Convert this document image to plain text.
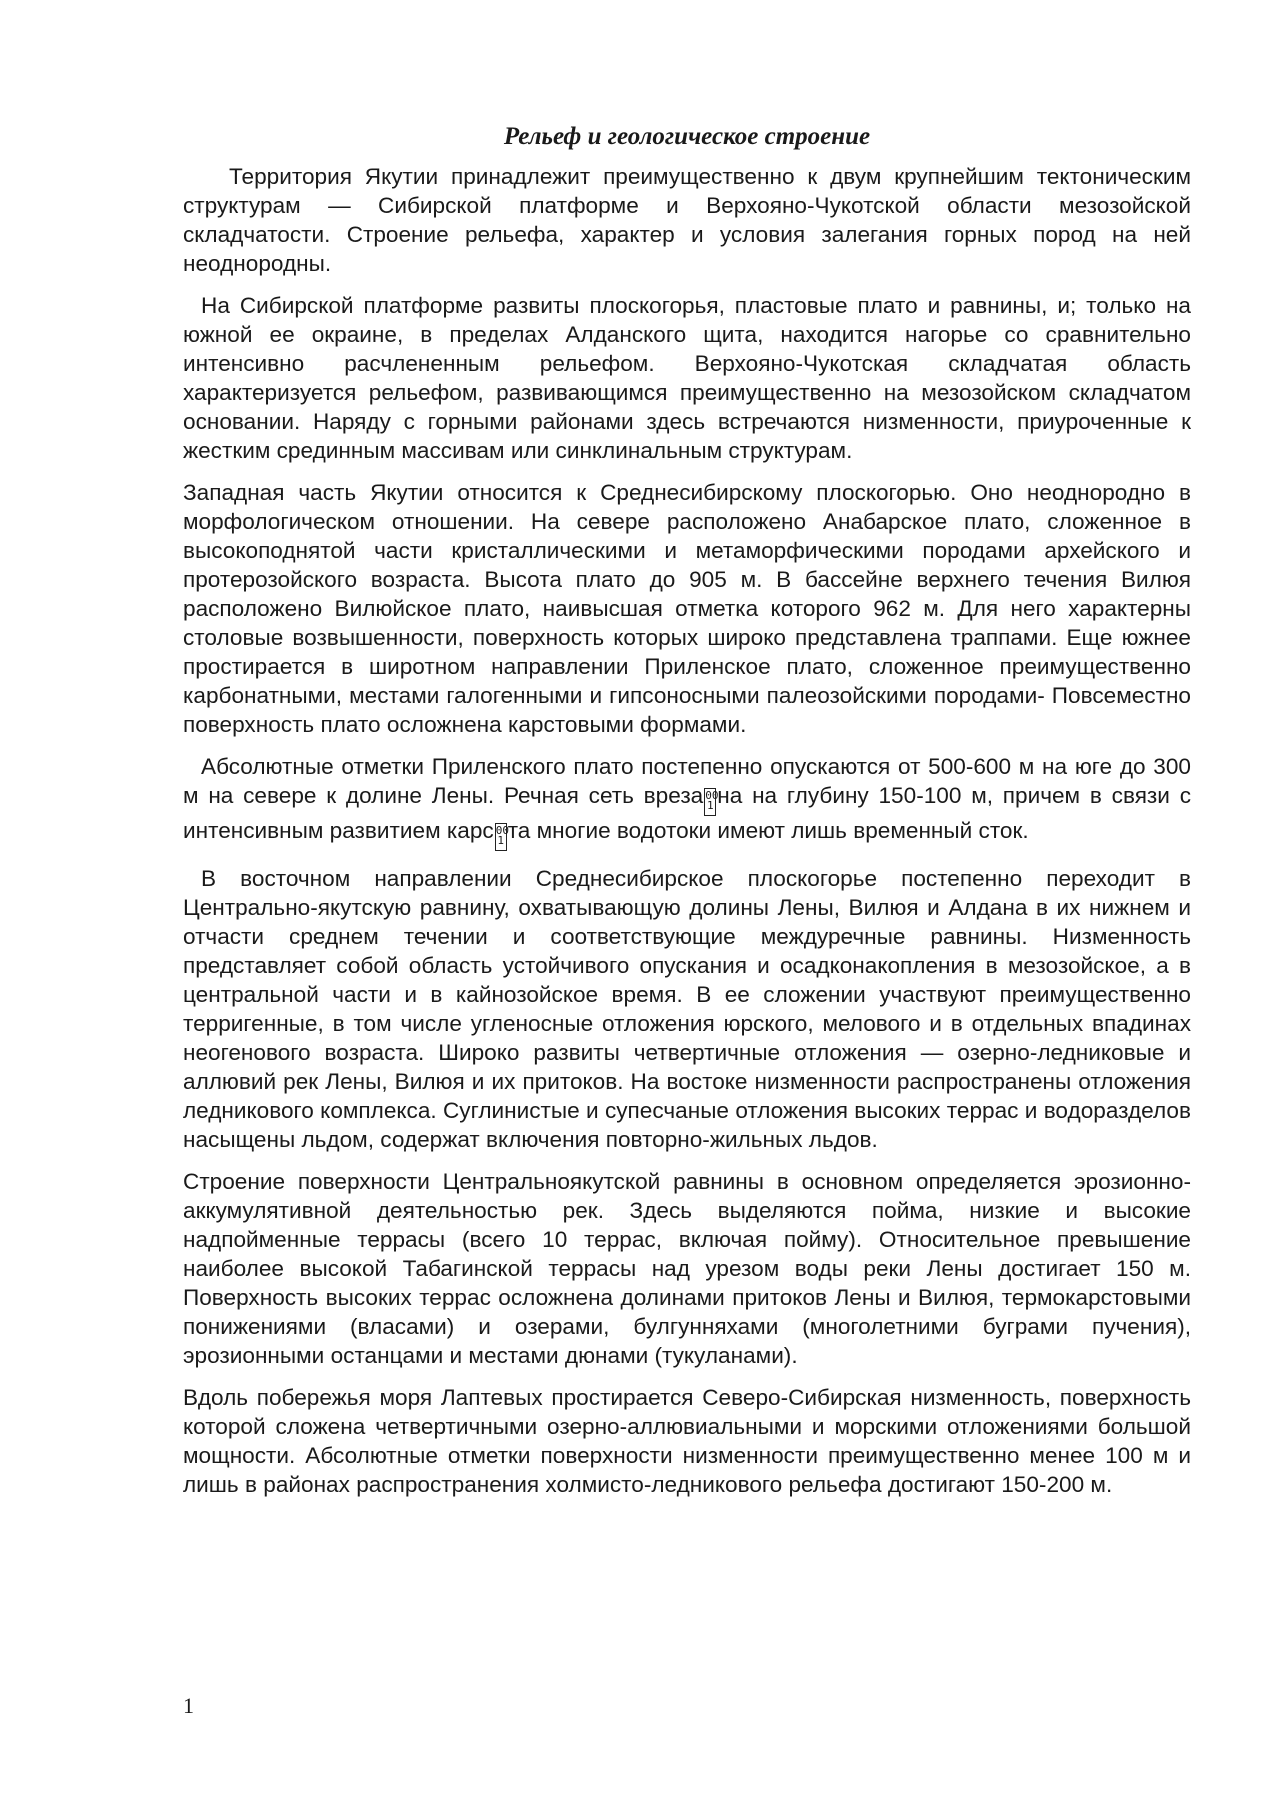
Рельеф и геологическое строение

Территория Якутии принадлежит преимущественно к двум крупнейшим тектоническим структурам — Сибирской платформе и Верхояно-Чукотской области мезозойской складчатости. Строение рельефа, характер и условия залегания горных пород на ней неоднородны.

На Сибирской платформе развиты плоскогорья, пластовые плато и равнины, и; только на южной ее окраине, в пределах Алданского щита, находится нагорье со сравнительно интенсивно расчлененным рельефом. Верхояно-Чукотская складчатая область характеризуется рельефом, развивающимся преимущественно на мезозойском складчатом основании. Наряду с горными районами здесь встречаются низменности, приуроченные к жестким срединным массивам или синклинальным структурам.

Западная часть Якутии относится к Среднесибирскому плоскогорью. Оно неоднородно в морфологическом отношении. На севере расположено Анабарское плато, сложенное в высокоподнятой части кристаллическими и метаморфическими породами архейского и протерозойского возраста. Высота плато до 905 м. В бассейне верхнего течения Вилюя расположено Вилюйское плато, наивысшая отметка которого 962 м. Для него характерны столовые возвышенности, поверхность которых широко представлена траппами. Еще южнее простирается в широтном направлении Приленское плато, сложенное преимущественно карбонатными, местами галогенными и гипсоносными палеозойскими породами- Повсеместно поверхность плато осложнена карстовыми формами.

Абсолютные отметки Приленского плато постепенно опускаются от 500-600 м на юге до 300 м на севере к долине Лены. Речная сеть вреза 00 1 на на глубину 150-100 м, причем в связи с интенсивным развитием карс 00 1 та многие водотоки имеют лишь временный сток.

В восточном направлении Среднесибирское плоскогорье постепенно переходит в Центрально-якутскую равнину, охватывающую долины Лены, Вилюя и Алдана в их нижнем и отчасти среднем течении и соответствующие междуречные равнины. Низменность представляет собой область устойчивого опускания и осадконакопления в мезозойское, а в центральной части и в кайнозойское время. В ее сложении участвуют преимущественно терригенные, в том числе угленосные отложения юрского, мелового и в отдельных впадинах неогенового возраста. Широко развиты четвертичные отложения — озерно-ледниковые и аллювий рек Лены, Вилюя и их притоков. На востоке низменности распространены отложения ледникового комплекса. Суглинистые и супесчаные отложения высоких террас и водоразделов насыщены льдом, содержат включения повторно-жильных льдов.

Строение поверхности Центральноякутской равнины в основном определяется эрозионно-аккумулятивной деятельностью рек. Здесь выделяются пойма, низкие и высокие надпойменные террасы (всего 10 террас, включая пойму). Относительное превышение наиболее высокой Табагинской террасы над урезом воды реки Лены достигает 150 м. Поверхность высоких террас осложнена долинами притоков Лены и Вилюя, термокарстовыми понижениями (власами) и озерами, булгунняхами (многолетними буграми пучения), эрозионными останцами и местами дюнами (тукуланами).

Вдоль побережья моря Лаптевых простирается Северо-Сибирская низменность, поверхность которой сложена четвертичными озерно-аллювиальными и морскими отложениями большой мощности. Абсолютные отметки поверхности низменности преимущественно менее 100 м и лишь в районах распространения холмисто-ледникового рельефа достигают 150-200 м.

1
